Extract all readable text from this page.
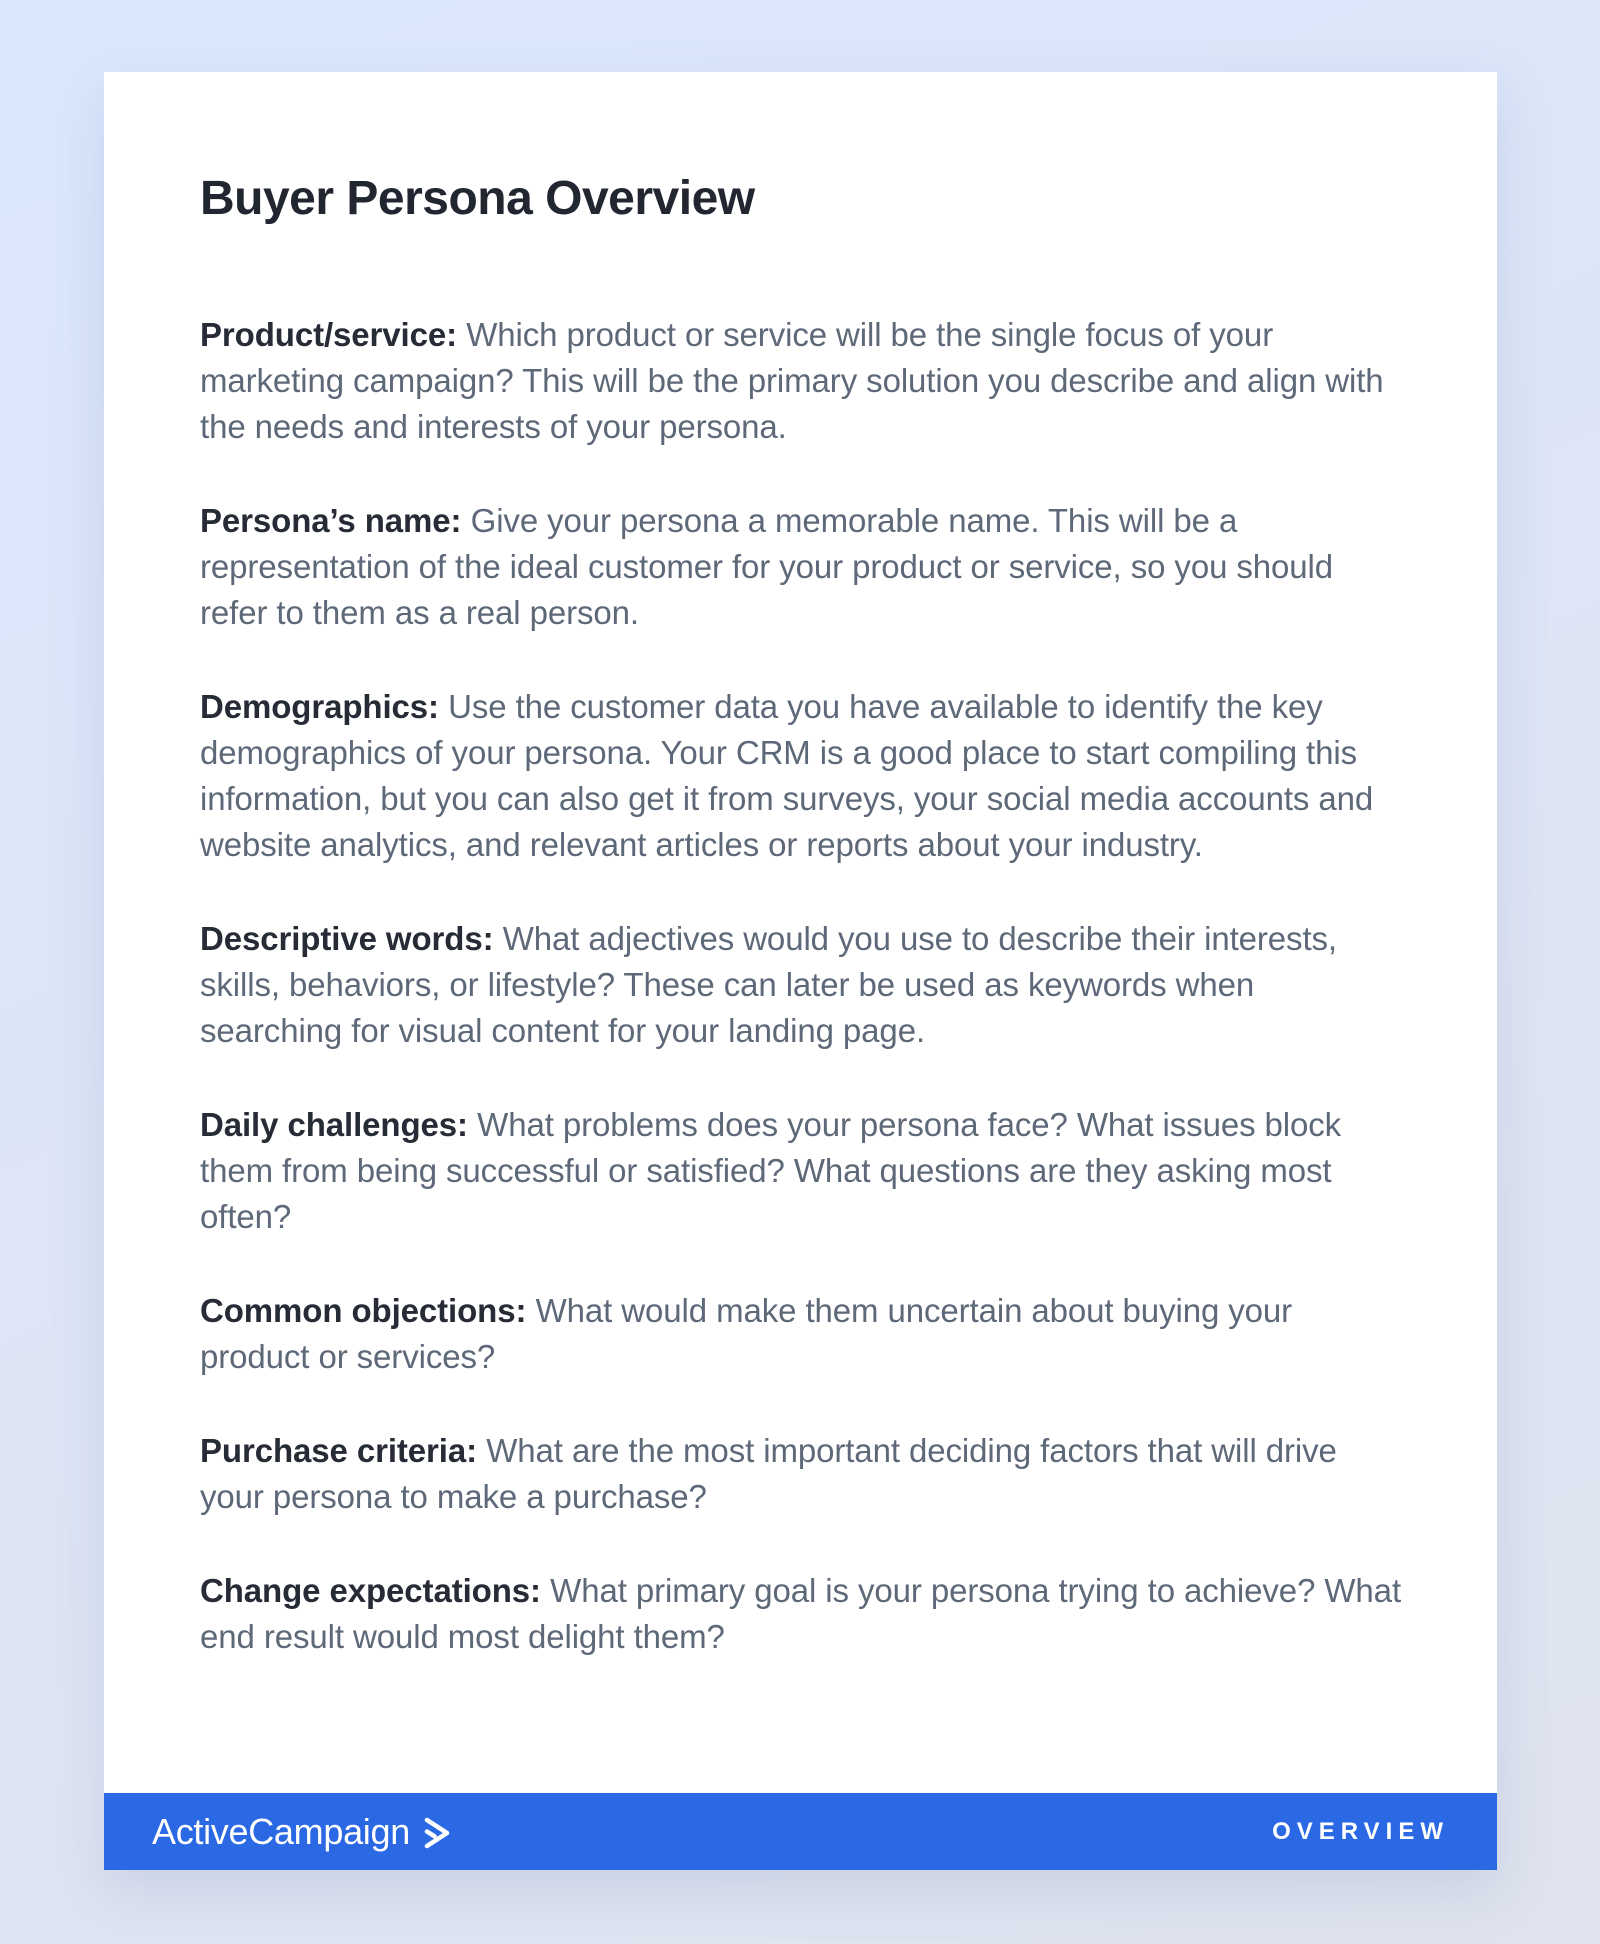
Buyer Persona Overview

Product/service: Which product or service will be the single focus of your marketing campaign? This will be the primary solution you describe and align with the needs and interests of your persona.

Persona’s name: Give your persona a memorable name. This will be a representation of the ideal customer for your product or service, so you should refer to them as a real person.

Demographics: Use the customer data you have available to identify the key demographics of your persona. Your CRM is a good place to start compiling this information, but you can also get it from surveys, your social media accounts and website analytics, and relevant articles or reports about your industry.

Descriptive words: What adjectives would you use to describe their interests, skills, behaviors, or lifestyle? These can later be used as keywords when searching for visual content for your landing page.

Daily challenges: What problems does your persona face? What issues block them from being successful or satisfied? What questions are they asking most often?

Common objections: What would make them uncertain about buying your product or services?

Purchase criteria: What are the most important deciding factors that will drive your persona to make a purchase?

Change expectations: What primary goal is your persona trying to achieve? What end result would most delight them?

ActiveCampaign	OVERVIEW
